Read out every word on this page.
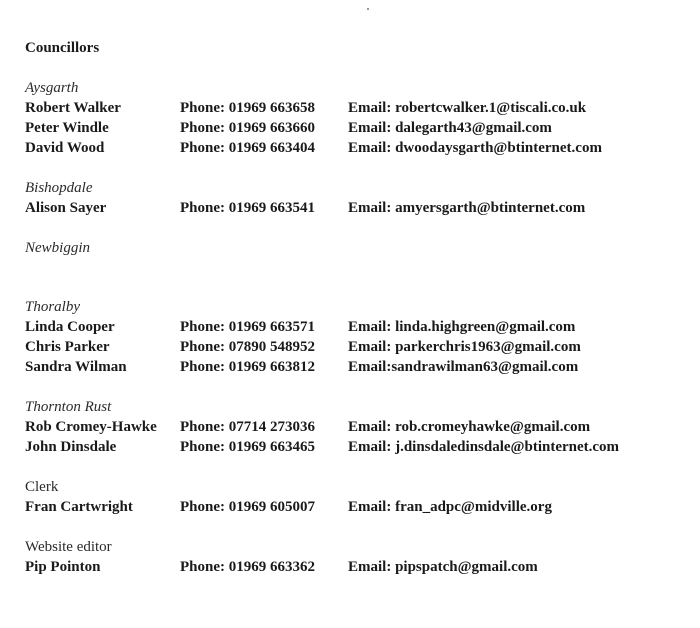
Councillors
Aysgarth
Robert Walker	Phone: 01969 663658	Email: robertcwalker.1@tiscali.co.uk
Peter Windle	Phone: 01969 663660	Email: dalegarth43@gmail.com
David Wood	Phone: 01969 663404	Email: dwoodaysgarth@btinternet.com
Bishopdale
Alison Sayer	Phone: 01969 663541	Email: amyersgarth@btinternet.com
Newbiggin
Thoralby
Linda Cooper	Phone: 01969 663571	Email: linda.highgreen@gmail.com
Chris Parker	Phone: 07890 548952	Email: parkerchris1963@gmail.com
Sandra Wilman	Phone: 01969 663812	Email:sandrawilman63@gmail.com
Thornton Rust
Rob Cromey-Hawke	Phone: 07714 273036	Email: rob.cromeyhawke@gmail.com
John Dinsdale	Phone: 01969 663465	Email: j.dinsdaledinsdale@btinternet.com
Clerk
Fran Cartwright	Phone: 01969 605007	Email: fran_adpc@midville.org
Website editor
Pip Pointon	Phone: 01969 663362	Email: pipspatch@gmail.com
